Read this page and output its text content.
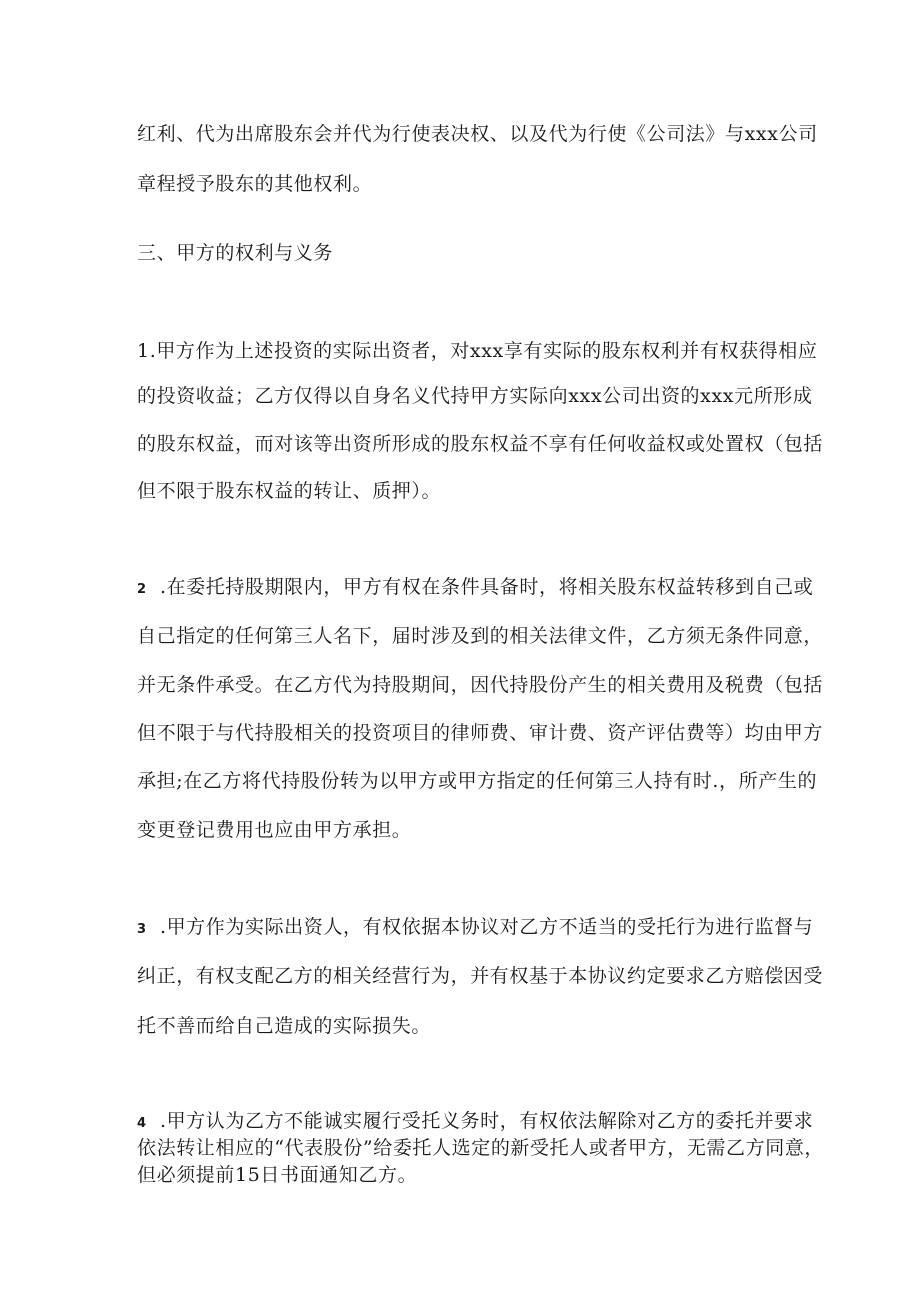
红利、代为出席股东会并代为行使表决权、以及代为行使《公司法》与xxx公司
章程授予股东的其他权利。
三、甲方的权利与义务
1.甲方作为上述投资的实际出资者，对xxx享有实际的股东权利并有权获得相应
的投资收益；乙方仅得以自身名义代持甲方实际向xxx公司出资的xxx元所形成
的股东权益，而对该等出资所形成的股东权益不享有任何收益权或处置权（包括
但不限于股东权益的转让、质押）。
2 .在委托持股期限内，甲方有权在条件具备时，将相关股东权益转移到自己或
自己指定的任何第三人名下，届时涉及到的相关法律文件，乙方须无条件同意，
并无条件承受。在乙方代为持股期间，因代持股份产生的相关费用及税费（包括
但不限于与代持股相关的投资项目的律师费、审计费、资产评估费等）均由甲方
承担;在乙方将代持股份转为以甲方或甲方指定的任何第三人持有时.，所产生的
变更登记费用也应由甲方承担。
3 .甲方作为实际出资人，有权依据本协议对乙方不适当的受托行为进行监督与
纠正，有权支配乙方的相关经营行为，并有权基于本协议约定要求乙方赔偿因受
托不善而给自己造成的实际损失。
4 .甲方认为乙方不能诚实履行受托义务时，有权依法解除对乙方的委托并要求
依法转让相应的“代表股份”给委托人选定的新受托人或者甲方，无需乙方同意，
但必须提前15日书面通知乙方。
